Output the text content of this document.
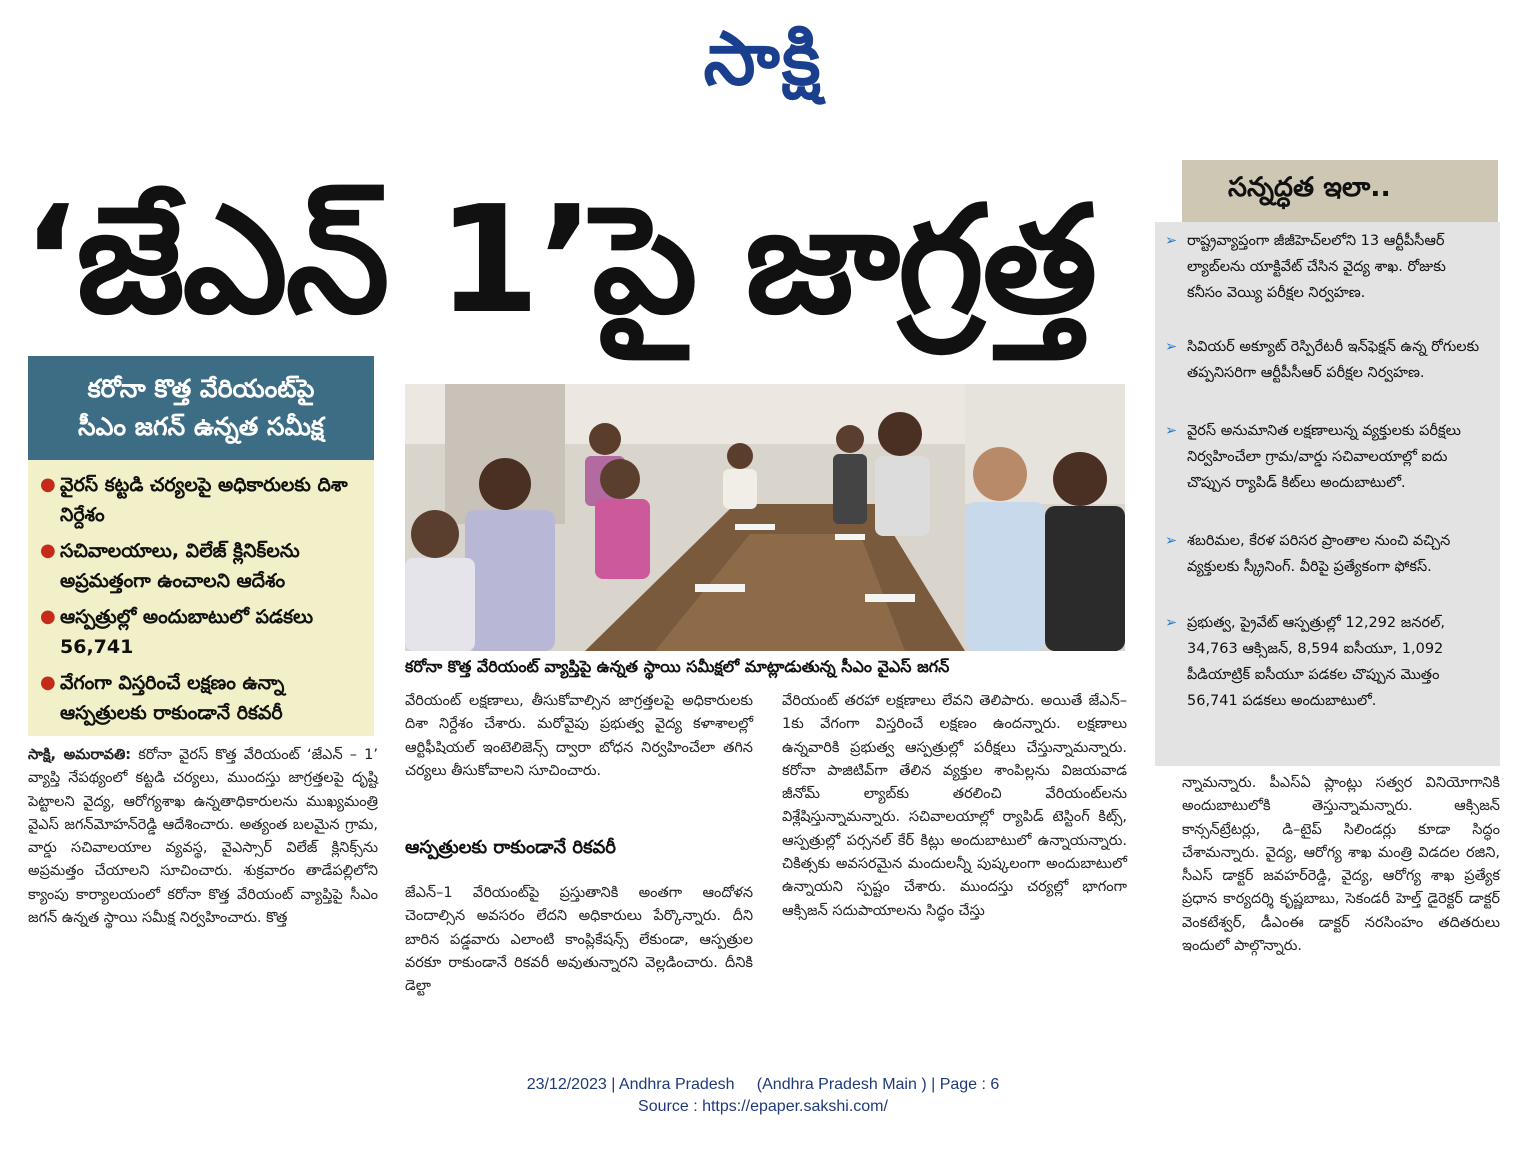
సాక్షి
‘జేఎన్ 1’పై జాగ్రత్త
కరోనా కొత్త వేరియంట్‌పై
సీఎం జగన్ ఉన్నత సమీక్ష
● వైరస్ కట్టడి చర్యలపై అధికారులకు దిశా నిర్దేశం
● సచివాలయాలు, విలేజ్ క్లినిక్‌లను అప్రమత్తంగా ఉంచాలని ఆదేశం
● ఆస్పత్రుల్లో అందుబాటులో పడకలు 56,741
● వేగంగా విస్తరించే లక్షణం ఉన్నా ఆస్పత్రులకు రాకుండానే రికవరీ
కరోనా కొత్త వేరియంట్ వ్యాప్తిపై ఉన్నత స్థాయి సమీక్షలో మాట్లాడుతున్న సీఎం వైఎస్ జగన్
సాక్షి, అమరావతి: కరోనా వైరస్ కొత్త వేరియంట్ ‘జేఎన్ – 1’ వ్యాప్తి నేపథ్యంలో కట్టడి చర్యలు, ముందస్తు జాగ్రత్తలపై దృష్టి పెట్టాలని వైద్య, ఆరోగ్యశాఖ ఉన్నతాధికారులను ముఖ్యమంత్రి వైఎస్ జగన్‌మోహన్‌రెడ్డి ఆదేశించారు. అత్యంత బలమైన గ్రామ, వార్డు సచివాలయాల వ్యవస్థ, వైఎస్సార్ విలేజ్ క్లినిక్స్‌ను అప్రమత్తం చేయాలని సూచించారు. శుక్రవారం తాడేపల్లిలోని క్యాంపు కార్యాలయంలో కరోనా కొత్త వేరియంట్ వ్యాప్తిపై సీఎం జగన్ ఉన్నత స్థాయి సమీక్ష నిర్వహించారు. కొత్త
వేరియంట్ లక్షణాలు, తీసుకోవాల్సిన జాగ్రత్తలపై అధికారులకు దిశా నిర్దేశం చేశారు. మరోవైపు ప్రభుత్వ వైద్య కళాశాలల్లో ఆర్టిఫీషియల్ ఇంటెలిజెన్స్ ద్వారా బోధన నిర్వహించేలా తగిన చర్యలు తీసుకోవాలని సూచించారు.
ఆస్పత్రులకు రాకుండానే రికవరీ
జేఎన్–1 వేరియంట్‌పై ప్రస్తుతానికి అంతగా ఆందోళన చెందాల్సిన అవసరం లేదని అధికారులు పేర్కొన్నారు. దీని బారిన పడ్డవారు ఎలాంటి కాంప్లికేషన్స్ లేకుండా, ఆస్పత్రుల వరకూ రాకుండానే రికవరీ అవుతున్నారని వెల్లడించారు. దీనికి డెల్టా
వేరియంట్ తరహా లక్షణాలు లేవని తెలిపారు. అయితే జేఎన్–1కు వేగంగా విస్తరించే లక్షణం ఉందన్నారు. లక్షణాలు ఉన్నవారికి ప్రభుత్వ ఆస్పత్రుల్లో పరీక్షలు చేస్తున్నామన్నారు. కరోనా పాజిటివ్‌గా తేలిన వ్యక్తుల శాంపిల్లను విజయవాడ జీనోమ్ ల్యాబ్‌కు తరలించి వేరియంట్‌లను విశ్లేషిస్తున్నామన్నారు. సచివాలయాల్లో ర్యాపిడ్ టెస్టింగ్ కిట్స్, ఆస్పత్రుల్లో పర్సనల్ కేర్ కిట్లు అందుబాటులో ఉన్నాయన్నారు. చికిత్సకు అవసరమైన మందులన్నీ పుష్కలంగా అందుబాటులో ఉన్నాయని స్పష్టం చేశారు. ముందస్తు చర్యల్లో భాగంగా ఆక్సిజన్ సదుపాయాలను సిద్ధం చేస్తు
న్నామన్నారు. పీఎస్ఏ ప్లాంట్లు సత్వర వినియోగానికి అందుబాటులోకి తెస్తున్నామన్నారు. ఆక్సిజన్ కాన్సన్‌ట్రేటర్లు, డి–టైప్ సిలిండర్లు కూడా సిద్ధం చేశామన్నారు. వైద్య, ఆరోగ్య శాఖ మంత్రి విడదల రజిని, సీఎస్ డాక్టర్ జవహర్‌రెడ్డి, వైద్య, ఆరోగ్య శాఖ ప్రత్యేక ప్రధాన కార్యదర్శి కృష్ణబాబు, సెకండరీ హెల్త్ డైరెక్టర్ డాక్టర్ వెంకటేశ్వర్, డీఎంఈ డాక్టర్ నరసింహం తదితరులు ఇందులో పాల్గొన్నారు.
సన్నద్ధత ఇలా..
➢ రాష్ట్రవ్యాప్తంగా జీజీహెచ్‌లలోని 13 ఆర్టీపీసీఆర్ ల్యాబ్‌లను యాక్టివేట్ చేసిన వైద్య శాఖ. రోజుకు కనీసం వెయ్యి పరీక్షల నిర్వహణ.
➢ సివియర్ అక్యూట్ రెస్పిరేటరీ ఇన్‌ఫెక్షన్ ఉన్న రోగులకు తప్పనిసరిగా ఆర్టీపీసీఆర్ పరీక్షల నిర్వహణ.
➢ వైరస్ అనుమానిత లక్షణాలున్న వ్యక్తులకు పరీక్షలు నిర్వహించేలా గ్రామ/వార్డు సచివాలయాల్లో ఐదు చొప్పున ర్యాపిడ్ కిట్‌లు అందుబాటులో.
➢ శబరిమల, కేరళ పరిసర ప్రాంతాల నుంచి వచ్చిన వ్యక్తులకు స్క్రీనింగ్. వీరిపై ప్రత్యేకంగా ఫోకస్.
➢ ప్రభుత్వ, ప్రైవేట్ ఆస్పత్రుల్లో 12,292 జనరల్, 34,763 ఆక్సిజన్, 8,594 ఐసీయూ, 1,092 పీడియాట్రిక్ ఐసీయూ పడకల చొప్పున మొత్తం 56,741 పడకలు అందుబాటులో.
23/12/2023 | Andhra Pradesh     (Andhra Pradesh Main ) | Page : 6
Source : https://epaper.sakshi.com/
